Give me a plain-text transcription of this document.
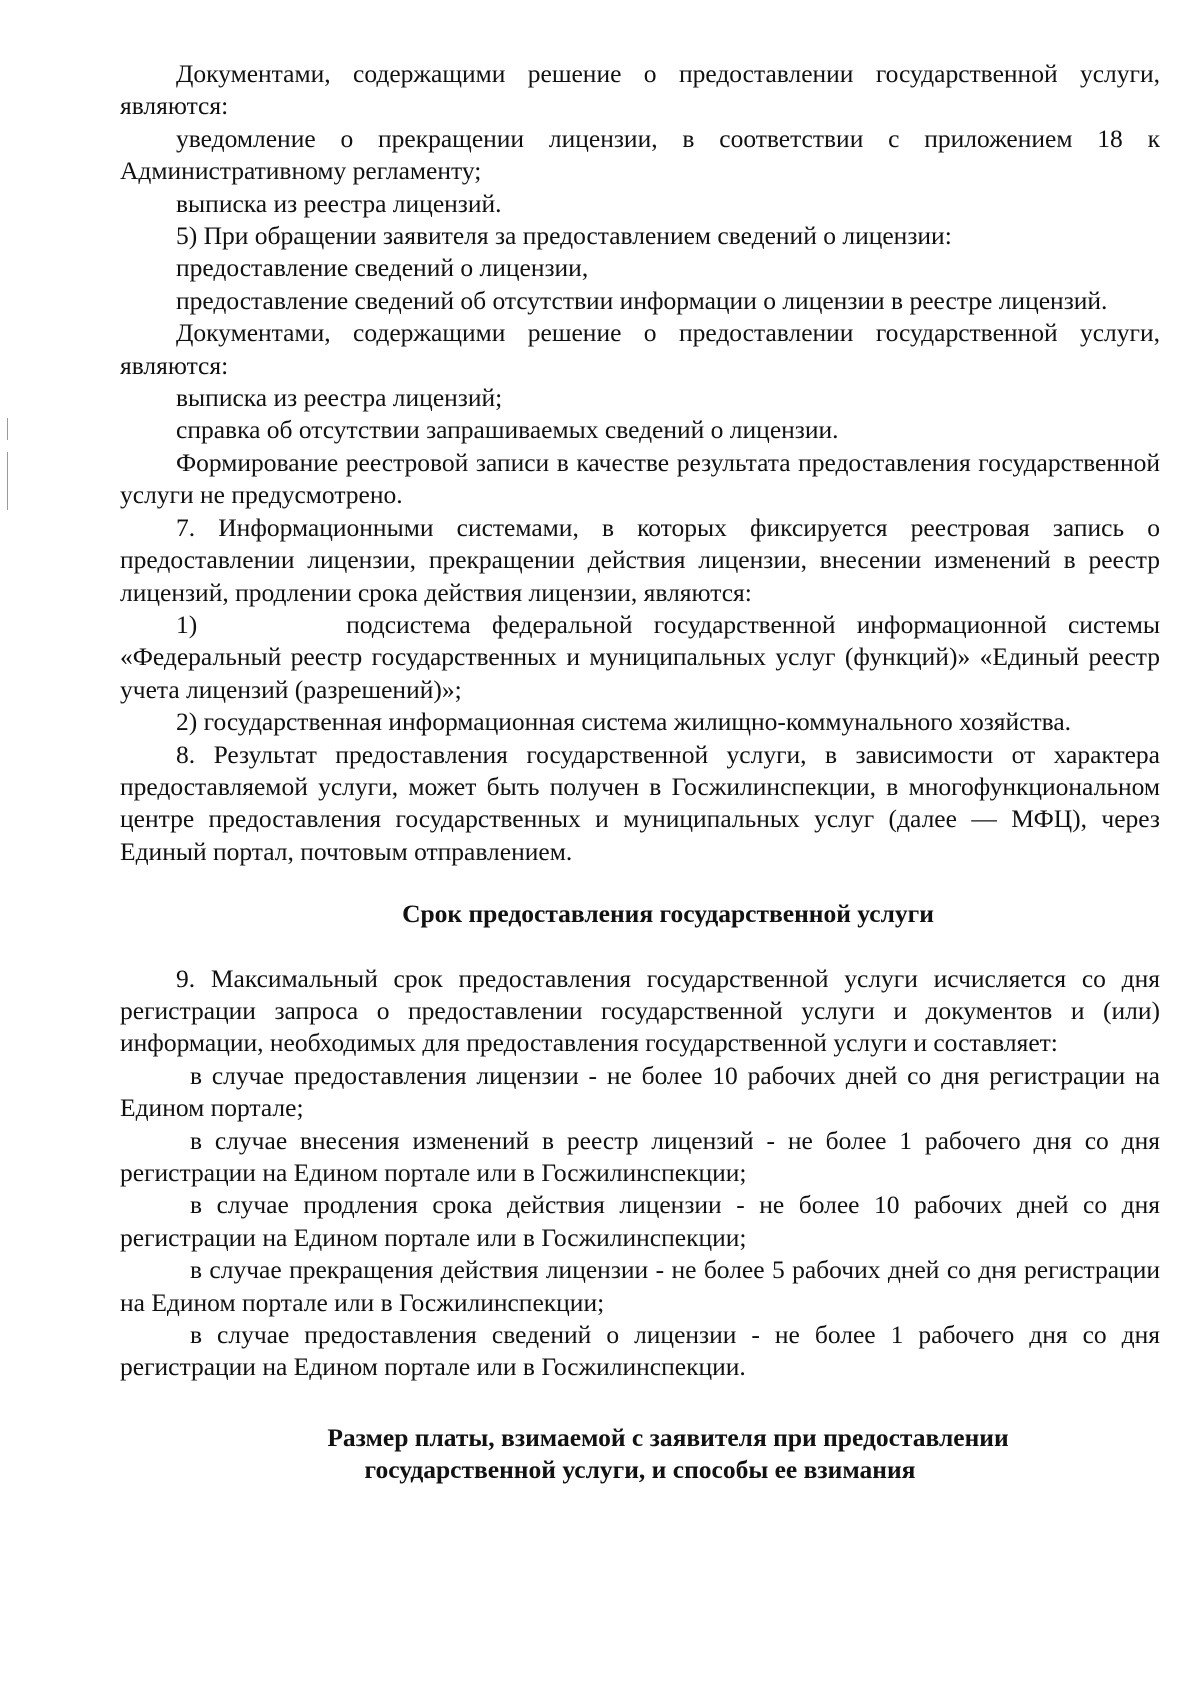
Документами, содержащими решение о предоставлении государственной услуги, являются:

уведомление о прекращении лицензии, в соответствии с приложением 18 к Административному регламенту;

выписка из реестра лицензий.

5) При обращении заявителя за предоставлением сведений о лицензии:

предоставление сведений о лицензии,

предоставление сведений об отсутствии информации о лицензии в реестре лицензий.

Документами, содержащими решение о предоставлении государственной услуги, являются:

выписка из реестра лицензий;

справка об отсутствии запрашиваемых сведений о лицензии.

Формирование реестровой записи в качестве результата предоставления государственной услуги не предусмотрено.

7. Информационными системами, в которых фиксируется реестровая запись о предоставлении лицензии, прекращении действия лицензии, внесении изменений в реестр лицензий, продлении срока действия лицензии, являются:

1)       подсистема федеральной государственной информационной системы «Федеральный реестр государственных и муниципальных услуг (функций)» «Единый реестр учета лицензий (разрешений)»;

2) государственная информационная система жилищно-коммунального хозяйства.

8. Результат предоставления государственной услуги, в зависимости от характера предоставляемой услуги, может быть получен в Госжилинспекции, в многофункциональном центре предоставления государственных и муниципальных услуг (далее — МФЦ), через Единый портал, почтовым отправлением.

Срок предоставления государственной услуги

9. Максимальный срок предоставления государственной услуги исчисляется со дня регистрации запроса о предоставлении государственной услуги и документов и (или) информации, необходимых для предоставления государственной услуги и составляет:

в случае предоставления лицензии - не более 10 рабочих дней со дня регистрации на Едином портале;

в случае внесения изменений в реестр лицензий - не более 1 рабочего дня со дня регистрации на Едином портале или в Госжилинспекции;

в случае продления срока действия лицензии - не более 10 рабочих дней со дня регистрации на Едином портале или в Госжилинспекции;

в случае прекращения действия лицензии - не более 5 рабочих дней со дня регистрации на Едином портале или в Госжилинспекции;

в случае предоставления сведений о лицензии - не более 1 рабочего дня со дня регистрации на Едином портале или в Госжилинспекции.

Размер платы, взимаемой с заявителя при предоставлении
государственной услуги, и способы ее взимания
